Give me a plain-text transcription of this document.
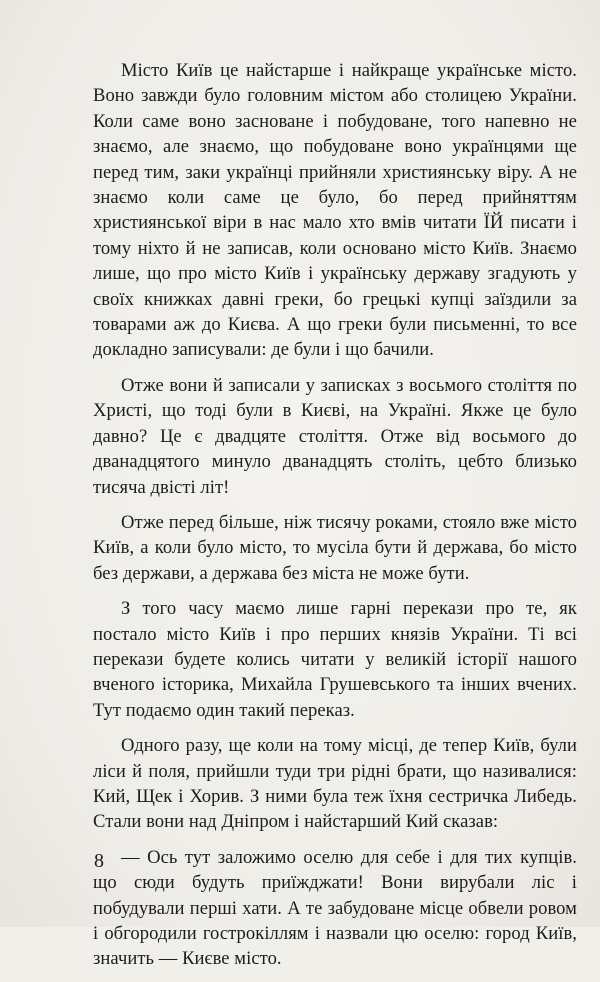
Місто Київ це найстарше і найкраще українське місто. Воно завжди було головним містом або столицею України. Коли саме воно засноване і побудоване, того напевно не знаємо, але знаємо, що побудоване воно українцями ще перед тим, заки українці прийняли християнську віру. А не знаємо коли саме це було, бо перед прийняттям християнської віри в нас мало хто вмів читати ЇЙ писати і тому ніхто й не записав, коли основано місто Київ. Знаємо лише, що про місто Київ і українську державу згадують у своїх книжках давні греки, бо грецькі купці заїздили за товарами аж до Києва. А що греки були письменні, то все докладно записували: де були і що бачили.

Отже вони й записали у записках з восьмого століття по Христі, що тоді були в Києві, на Україні. Якже це було давно? Це є двадцяте століття. Отже від восьмого до дванадцятого минуло дванадцять століть, цебто близько тисяча двісті літ!

Отже перед більше, ніж тисячу роками, стояло вже місто Київ, а коли було місто, то мусіла бути й держава, бо місто без держави, а держава без міста не може бути.

З того часу маємо лише гарні перекази про те, як постало місто Київ і про перших князів України. Ті всі перекази будете колись читати у великій історії нашого вченого історика, Михайла Грушевського та інших вчених. Тут подаємо один такий переказ.

Одного разу, ще коли на тому місці, де тепер Київ, були ліси й поля, прийшли туди три рідні брати, що називалися: Кий, Щек і Хорив. З ними була теж їхня сестричка Либедь. Стали вони над Дніпром і найстарший Кий сказав:

— Ось тут заложимо оселю для себе і для тих купців. що сюди будуть приїжджати! Вони вирубали ліс і побудували перші хати. А те забудоване місце обвели ровом і обгородили гострокіллям і назвали цю оселю: город Київ, значить — Києве місто.

8
